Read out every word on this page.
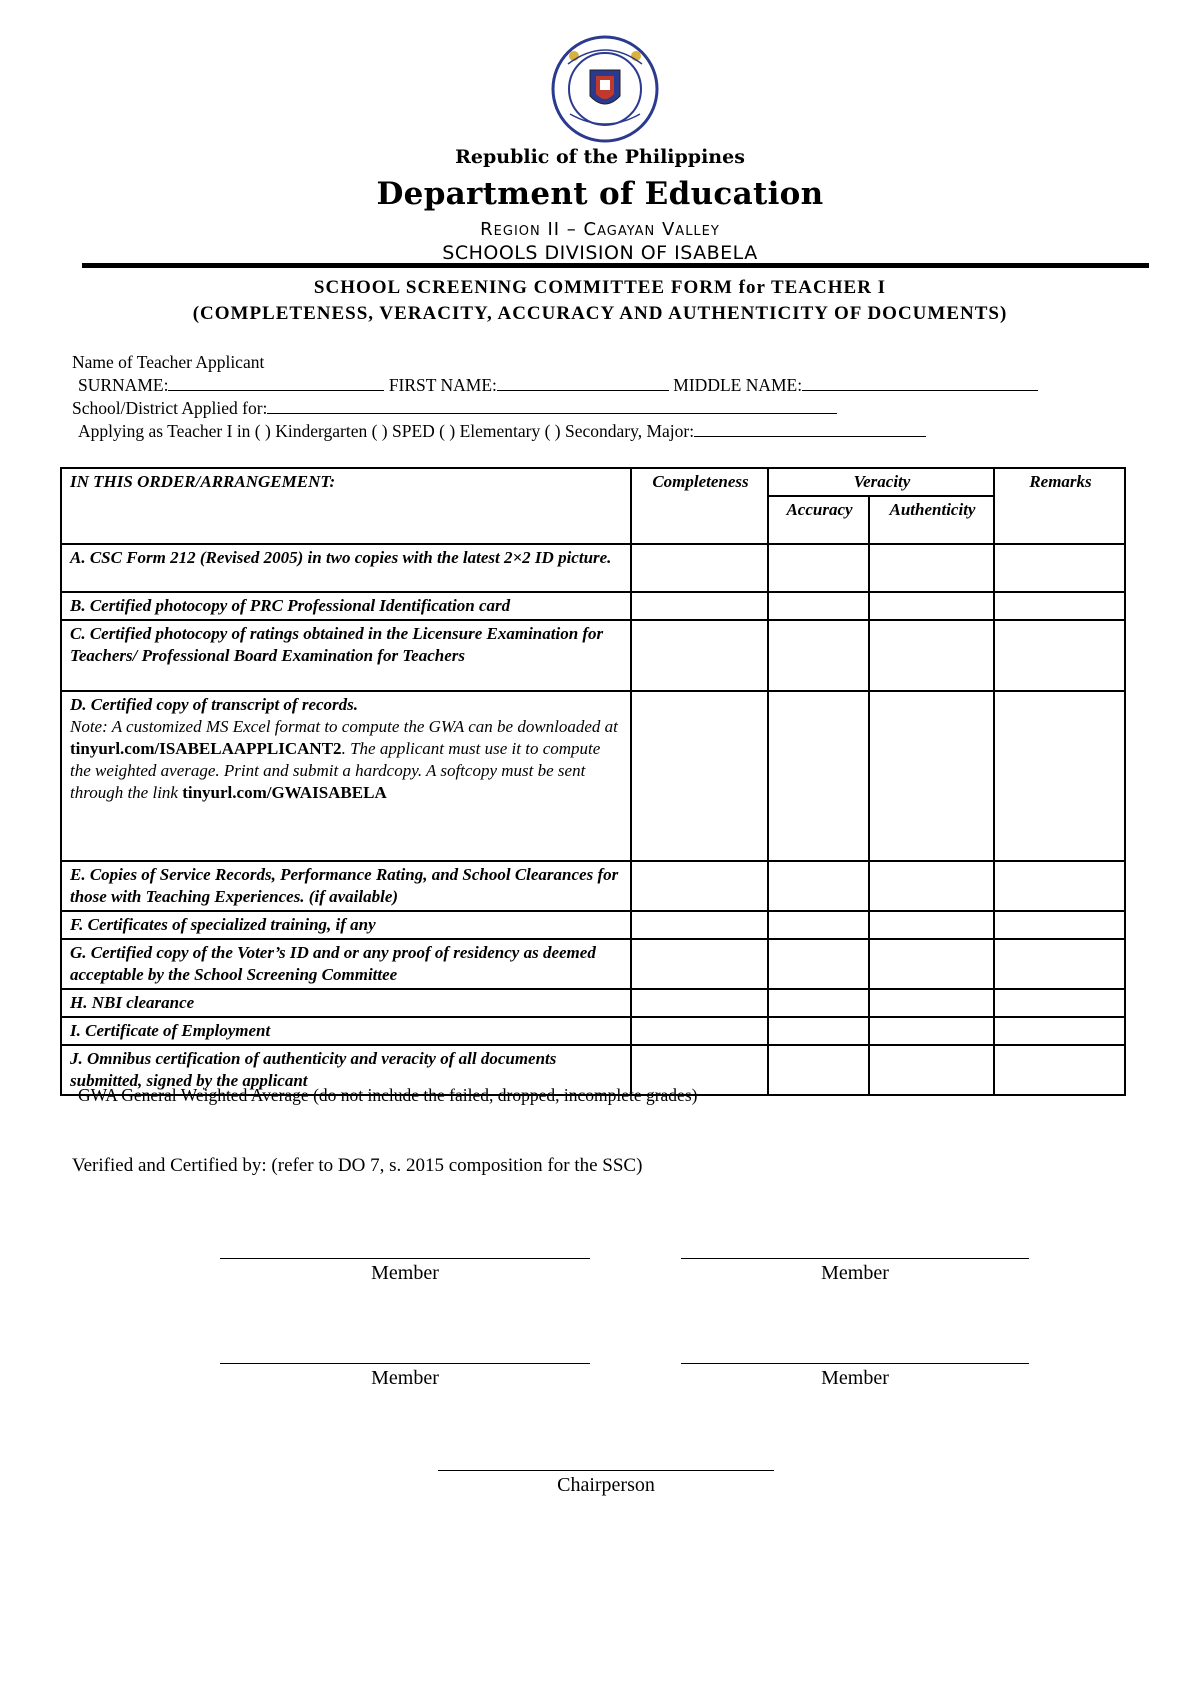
Republic of the Philippines
Department of Education
Region II – Cagayan Valley
SCHOOLS DIVISION OF ISABELA
SCHOOL SCREENING COMMITTEE FORM for TEACHER I
(COMPLETENESS, VERACITY, ACCURACY AND AUTHENTICITY OF DOCUMENTS)
Name of Teacher Applicant
SURNAME:	FIRST NAME:	MIDDLE NAME:
School/District Applied for:
Applying as Teacher I in ( ) Kindergarten ( ) SPED ( ) Elementary ( ) Secondary, Major:
IN THIS ORDER/ARRANGEMENT:	Completeness	Veracity		Remarks
		Accuracy	Authenticity	
A. CSC Form 212 (Revised 2005) in two copies with the latest 2×2 ID picture.				
B. Certified photocopy of PRC Professional Identification card				
C. Certified photocopy of ratings obtained in the Licensure Examination for Teachers/ Professional Board Examination for Teachers				
D. Certified copy of transcript of records.
Note: A customized MS Excel format to compute the GWA can be downloaded at tinyurl.com/ISABELAAPPLICANT2. The applicant must use it to compute the weighted average. Print and submit a hardcopy. A softcopy must be sent through the link tinyurl.com/GWAISABELA				
E. Copies of Service Records, Performance Rating, and School Clearances for those with Teaching Experiences. (if available)				
F. Certificates of specialized training, if any				
G. Certified copy of the Voter’s ID and or any proof of residency as deemed acceptable by the School Screening Committee				
H. NBI clearance				
I. Certificate of Employment				
J. Omnibus certification of authenticity and veracity of all documents submitted, signed by the applicant				
GWA General Weighted Average (do not include the failed, dropped, incomplete grades)
Verified and Certified by: (refer to DO 7, s. 2015 composition for the SSC)
Member	Member
Member	Member
Chairperson
